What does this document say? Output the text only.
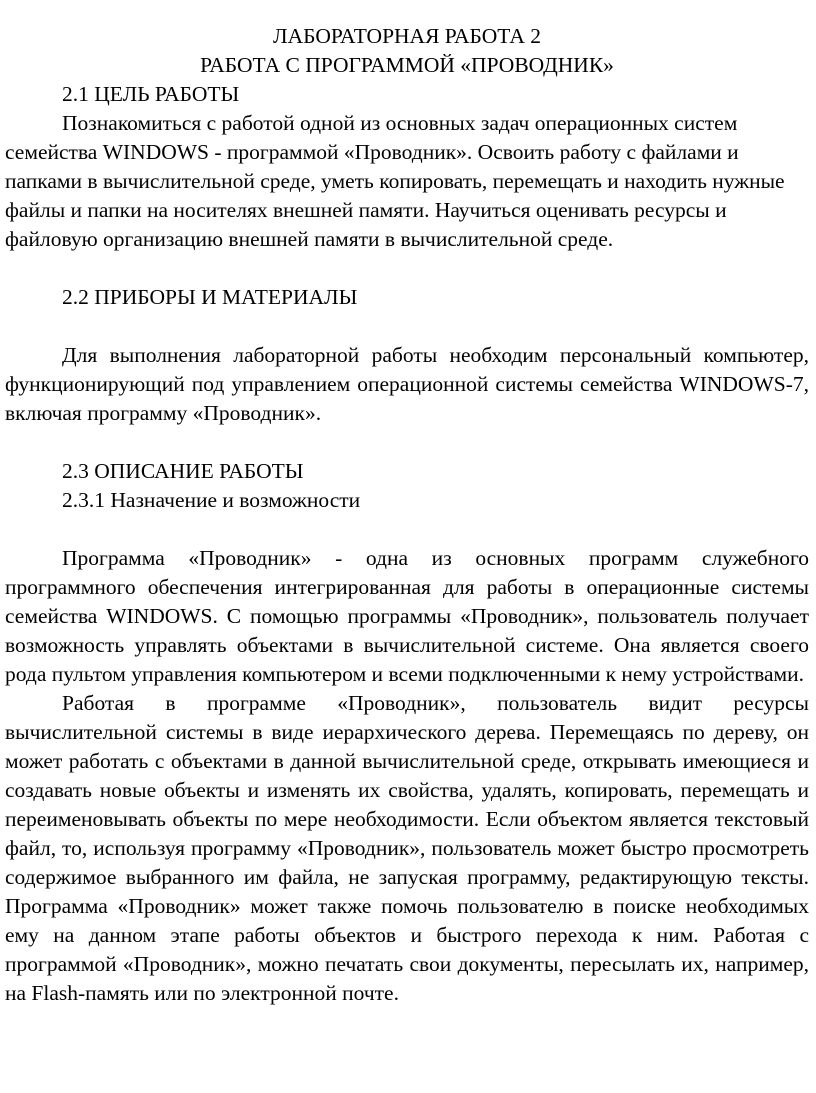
ЛАБОРАТОРНАЯ РАБОТА 2
РАБОТА С ПРОГРАММОЙ «ПРОВОДНИК»
2.1 ЦЕЛЬ РАБОТЫ

Познакомиться с работой одной из основных задач операционных систем семейства WINDOWS - программой «Проводник». Освоить работу с файлами и папками в вычислительной среде, уметь копировать, перемещать и находить нужные файлы и папки на носителях внешней памяти. Научиться оценивать ресурсы и файловую организацию внешней памяти в вычислительной среде.

2.2 ПРИБОРЫ И МАТЕРИАЛЫ

Для выполнения лабораторной работы необходим персональный компьютер, функционирующий под управлением операционной системы семейства WINDOWS-7, включая программу «Проводник».

2.3 ОПИСАНИЕ РАБОТЫ
2.3.1 Назначение и возможности

Программа «Проводник» - одна из основных программ служебного программного обеспечения интегрированная для работы в операционные системы семейства WINDOWS. С помощью программы «Проводник», пользователь получает возможность управлять объектами в вычислительной системе. Она является своего рода пультом управления компьютером и всеми подключенными к нему устройствами.

Работая в программе «Проводник», пользователь видит ресурсы вычислительной системы в виде иерархического дерева. Перемещаясь по дереву, он может работать с объектами в данной вычислительной среде, открывать имеющиеся и создавать новые объекты и изменять их свойства, удалять, копировать, перемещать и переименовывать объекты по мере необходимости. Если объектом является текстовый файл, то, используя программу «Проводник», пользователь может быстро просмотреть содержимое выбранного им файла, не запуская программу, редактирующую тексты. Программа «Проводник» может также помочь пользователю в поиске необходимых ему на данном этапе работы объектов и быстрого перехода к ним. Работая с программой «Проводник», можно печатать свои документы, пересылать их, например, на Flash-память или по электронной почте.
